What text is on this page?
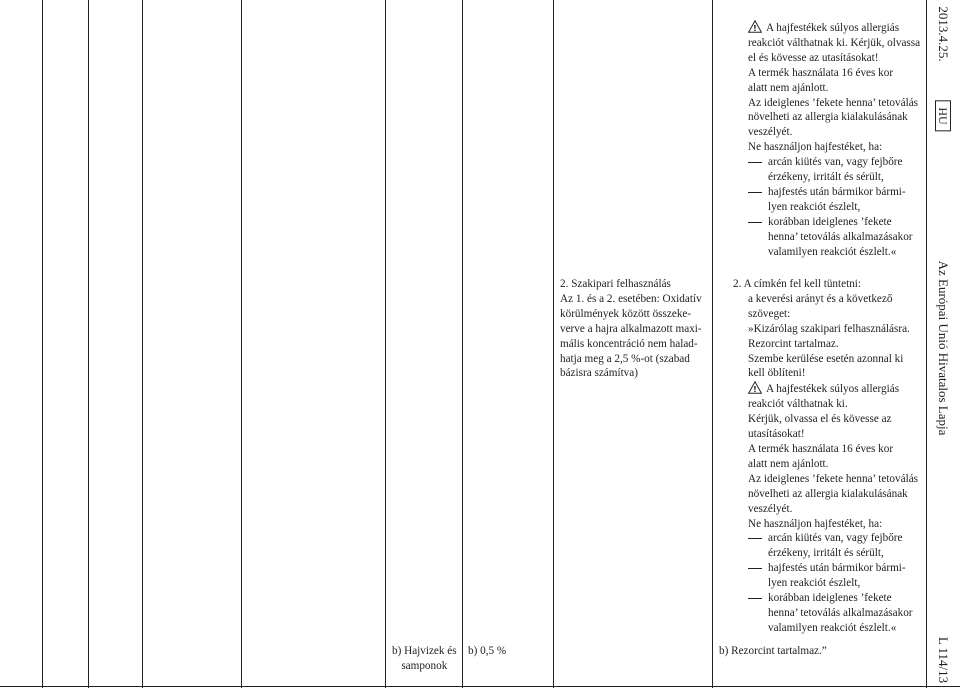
! A hajfestékek súlyos allergiás
reakciót válthatnak ki. Kérjük, olvassa
el és kövesse az utasításokat!
A termék használata 16 éves kor
alatt nem ajánlott.
Az ideiglenes ’fekete henna’ tetoválás
növelheti az allergia kialakulásának
veszélyét.
Ne használjon hajfestéket, ha:
arcán kiütés van, vagy fejbőre
érzékeny, irritált és sérült,
hajfestés után bármikor bármi-
lyen reakciót észlelt,
korábban ideiglenes ’fekete
henna’ tetoválás alkalmazásakor
valamilyen reakciót észlelt.«
2. Szakipari felhasználás
Az 1. és a 2. esetében: Oxidatív
körülmények között összeke-
verve a hajra alkalmazott maxi-
mális koncentráció nem halad-
hatja meg a 2,5 %-ot (szabad
bázisra számítva)
2. A címkén fel kell tüntetni:
a keverési arányt és a következő
szöveget:
»Kizárólag szakipari felhasználásra.
Rezorcint tartalmaz.
Szembe kerülése esetén azonnal ki
kell öblíteni!
! A hajfestékek súlyos allergiás
reakciót válthatnak ki.
Kérjük, olvassa el és kövesse az
utasításokat!
A termék használata 16 éves kor
alatt nem ajánlott.
Az ideiglenes ’fekete henna’ tetoválás
növelheti az allergia kialakulásának
veszélyét.
Ne használjon hajfestéket, ha:
arcán kiütés van, vagy fejbőre
érzékeny, irritált és sérült,
hajfestés után bármikor bármi-
lyen reakciót észlelt,
korábban ideiglenes ’fekete
henna’ tetoválás alkalmazásakor
valamilyen reakciót észlelt.«
b) Hajvizek és
samponok
b) 0,5 %	b) Rezorcint tartalmaz.”
2013.4.25.
HU
Az Európai Unió Hivatalos Lapja
L 114/13
